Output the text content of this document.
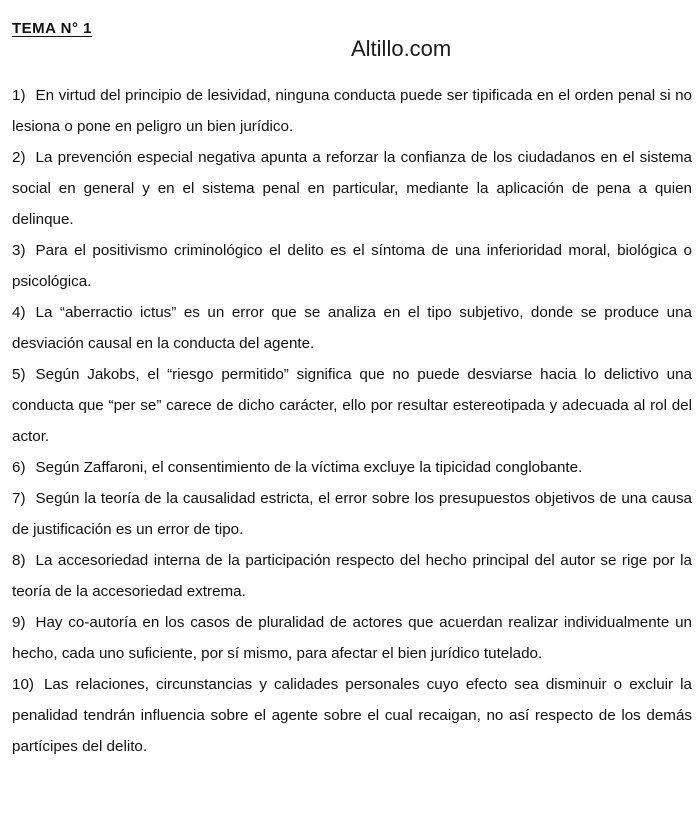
TEMA N° 1
Altillo.com
1) En virtud del principio de lesividad, ninguna conducta puede ser tipificada en el orden penal si no lesiona o pone en peligro un bien jurídico.
2) La prevención especial negativa apunta a reforzar la confianza de los ciudadanos en el sistema social en general y en el sistema penal en particular, mediante la aplicación de pena a quien delinque.
3) Para el positivismo criminológico el delito es el síntoma de una inferioridad moral, biológica o psicológica.
4) La “aberractio ictus” es un error que se analiza en el tipo subjetivo, donde se produce una desviación causal en la conducta del agente.
5) Según Jakobs, el “riesgo permitido” significa que no puede desviarse hacia lo delictivo una conducta que “per se” carece de dicho carácter, ello por resultar estereotipada y adecuada al rol del actor.
6) Según Zaffaroni, el consentimiento de la víctima excluye la tipicidad conglobante.
7) Según la teoría de la causalidad estricta, el error sobre los presupuestos objetivos de una causa de justificación es un error de tipo.
8) La accesoriedad interna de la participación respecto del hecho principal del autor se rige por la teoría de la accesoriedad extrema.
9) Hay co-autoría en los casos de pluralidad de actores que acuerdan realizar individualmente un hecho, cada uno suficiente, por sí mismo, para afectar el bien jurídico tutelado.
10) Las relaciones, circunstancias y calidades personales cuyo efecto sea disminuir o excluir la penalidad tendrán influencia sobre el agente sobre el cual recaigan, no así respecto de los demás partícipes del delito.
